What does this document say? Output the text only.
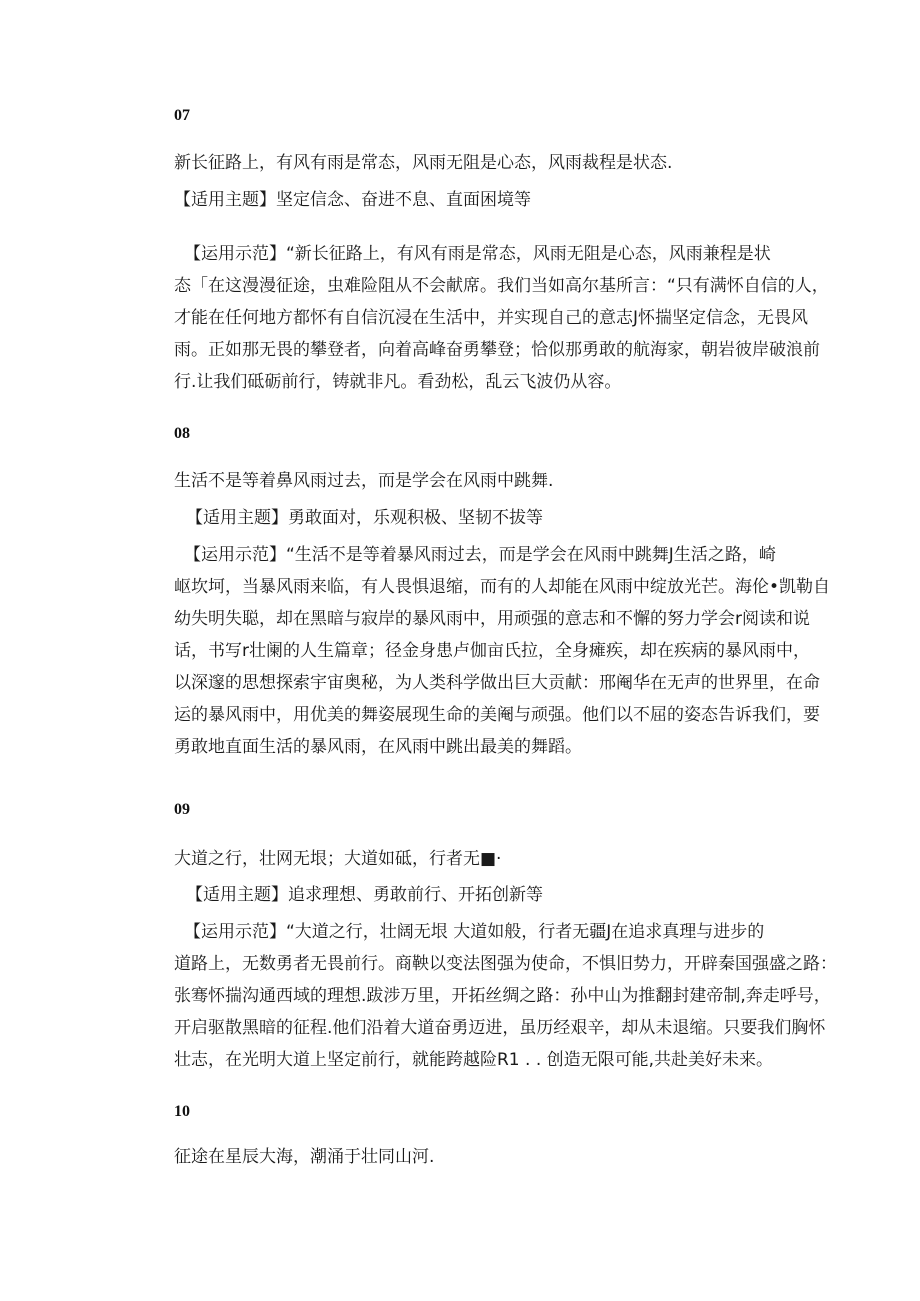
07
新长征路上，有风有雨是常态，风雨无阻是心态，风雨裁程是状态.
【适用主题】坚定信念、奋进不息、直面困境等

【运用示范】“新长征路上，有风有雨是常态，风雨无阻是心态，风雨兼程是状

态「在这漫漫征途，虫难险阻从不会献席。我们当如高尔基所言：“只有满怀自信的人，

才能在任何地方都怀有自信沉浸在生活中，并实现自己的意志J怀揣坚定信念，无畏风

雨。正如那无畏的攀登者，向着高峰奋勇攀登；恰似那勇敢的航海家，朝岩彼岸破浪前

行.让我们砥砺前行，铸就非凡。看劲松，乱云飞波仍从容。

08
生活不是等着鼻风雨过去，而是学会在风雨中跳舞.
【适用主题】勇敢面对，乐观积极、坚韧不拔等

【运用示范】“生活不是等着暴风雨过去，而是学会在风雨中跳舞J生活之路，崎

岖坎坷，当暴风雨来临，有人畏惧退缩，而有的人却能在风雨中绽放光芒。海伦•凯勒自

幼失明失聪，却在黑暗与寂岸的暴风雨中，用顽强的意志和不懈的努力学会r阅读和说

话，书写r壮阑的人生篇章；径金身患卢伽亩氏拉，全身瘫疾，却在疾病的暴风雨中，

以深邃的思想探索宇宙奥秘，为人类科学做出巨大贡献：邢阉华在无声的世界里，在命

运的暴风雨中，用优美的舞姿展现生命的美阉与顽强。他们以不屈的姿态告诉我们，要

勇敢地直面生活的暴风雨，在风雨中跳出最美的舞蹈。

09
大道之行，壮网无垠；大道如砥，行者无■·
【适用主题】追求理想、勇敢前行、开拓创新等

【运用示范】“大道之行，壮阔无垠 大道如般，行者无疆J在追求真理与进步的

道路上，无数勇者无畏前行。商鞅以变法图强为使命，不惧旧势力，开辟秦国强盛之路：

张骞怀揣沟通西域的理想.跋涉万里，开拓丝绸之路：孙中山为推翻封建帝制,奔走呼号，

开启驱散黑暗的征程.他们沿着大道奋勇迈进，虽历经艰辛，却从未退缩。只要我们胸怀

壮志，在光明大道上坚定前行，就能跨越险R1 . . 创造无限可能,共赴美好未来。

10
征途在星辰大海，潮涌于壮同山河.
